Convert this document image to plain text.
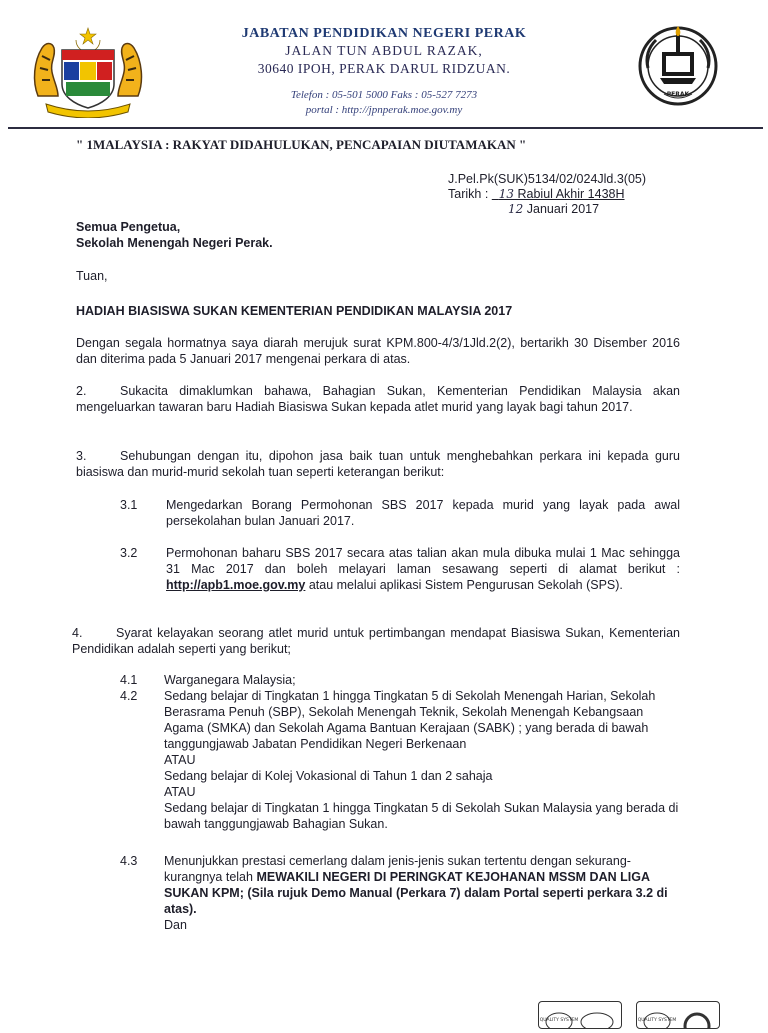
PERAK
JABATAN PENDIDIKAN NEGERI PERAK
JALAN TUN ABDUL RAZAK,
30640 IPOH, PERAK DARUL RIDZUAN.
Telefon : 05-501 5000 Faks : 05-527 7273
portal : http://jpnperak.moe.gov.my
" 1MALAYSIA : RAKYAT DIDAHULUKAN, PENCAPAIAN DIUTAMAKAN "
J.Pel.Pk(SUK)5134/02/024Jld.3(05)
Tarikh : 13 Rabiul Akhir 1438H
12 Januari 2017
Semua Pengetua,
Sekolah Menengah Negeri Perak.
Tuan,
HADIAH BIASISWA SUKAN KEMENTERIAN PENDIDIKAN MALAYSIA 2017
Dengan segala hormatnya saya diarah merujuk surat KPM.800-4/3/1Jld.2(2), bertarikh 30 Disember 2016 dan diterima pada 5 Januari 2017 mengenai perkara di atas.
2.	Sukacita dimaklumkan bahawa, Bahagian Sukan, Kementerian Pendidikan Malaysia akan mengeluarkan tawaran baru Hadiah Biasiswa Sukan kepada atlet murid yang layak bagi tahun 2017.
3.	Sehubungan dengan itu, dipohon jasa baik tuan untuk menghebahkan perkara ini kepada guru biasiswa dan murid-murid sekolah tuan seperti keterangan berikut:
3.1 Mengedarkan Borang Permohonan SBS 2017 kepada murid yang layak pada awal persekolahan bulan Januari 2017.
3.2 Permohonan baharu SBS 2017 secara atas talian akan mula dibuka mulai 1 Mac sehingga 31 Mac 2017 dan boleh melayari laman sesawang seperti di alamat berikut : http://apb1.moe.gov.my atau melalui aplikasi Sistem Pengurusan Sekolah (SPS).
4.	Syarat kelayakan seorang atlet murid untuk pertimbangan mendapat Biasiswa Sukan, Kementerian Pendidikan adalah seperti yang berikut;
4.1 Warganegara Malaysia;
4.2 Sedang belajar di Tingkatan 1 hingga Tingkatan 5 di Sekolah Menengah Harian, Sekolah Berasrama Penuh (SBP), Sekolah Menengah Teknik, Sekolah Menengah Kebangsaan Agama (SMKA) dan Sekolah Agama Bantuan Kerajaan (SABK) ; yang berada di bawah tanggungjawab Jabatan Pendidikan Negeri Berkenaan
ATAU
Sedang belajar di Kolej Vokasional di Tahun 1 dan 2 sahaja
ATAU
Sedang belajar di Tingkatan 1 hingga Tingkatan 5 di Sekolah Sukan Malaysia yang berada di bawah tanggungjawab Bahagian Sukan.
4.3 Menunjukkan prestasi cemerlang dalam jenis-jenis sukan tertentu dengan sekurang-kurangnya telah MEWAKILI NEGERI DI PERINGKAT KEJOHANAN MSSM DAN LIGA SUKAN KPM; (Sila rujuk Demo Manual (Perkara 7) dalam Portal seperti perkara 3.2 di atas).
Dan
QUALITY SYSTEM	QUALITY SYSTEM
